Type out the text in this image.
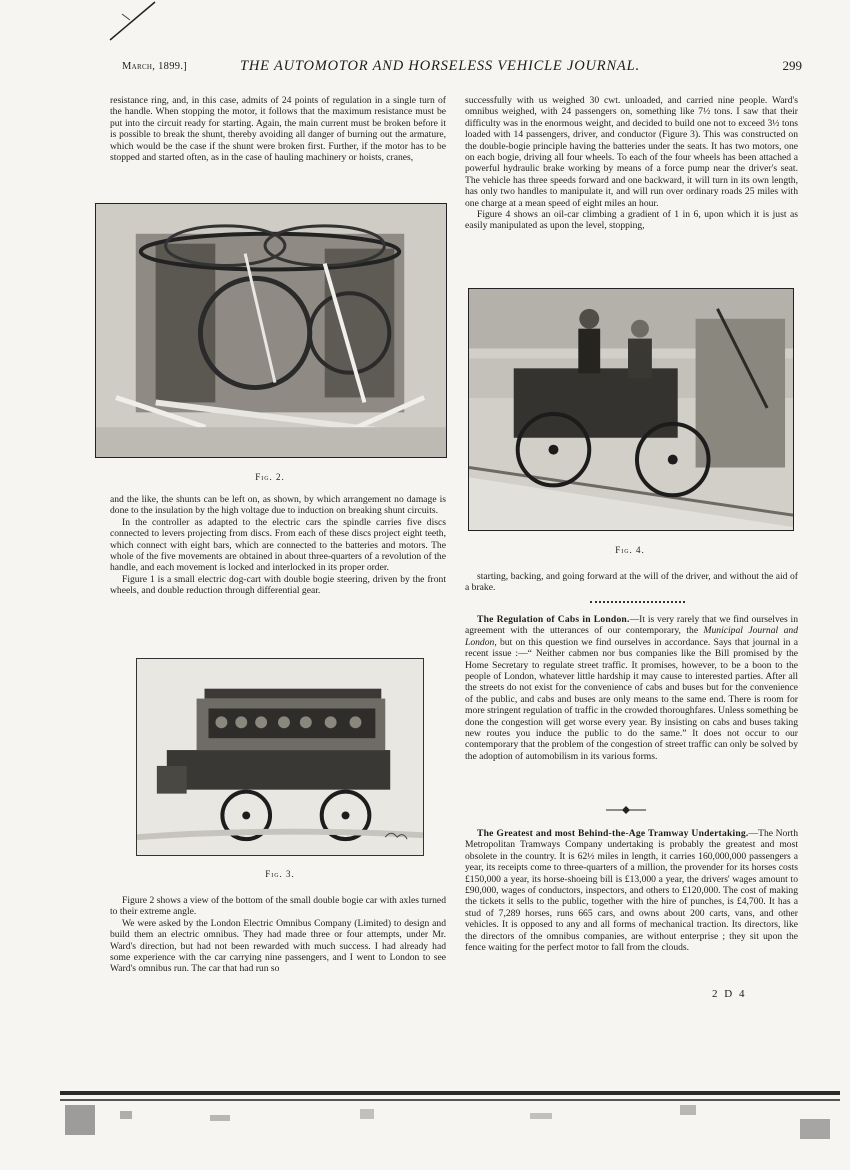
March, 1899.]	THE AUTOMOTOR AND HORSELESS VEHICLE JOURNAL.	299

resistance ring, and, in this case, admits of 24 points of regulation in a single turn of the handle. When stopping the motor, it follows that the maximum resistance must be put into the circuit ready for starting. Again, the main current must be broken before it is possible to break the shunt, thereby avoiding all danger of burning out the armature, which would be the case if the shunt were broken first. Further, if the motor has to be stopped and started often, as in the case of hauling machinery or hoists, cranes,

Fig. 2.

and the like, the shunts can be left on, as shown, by which arrangement no damage is done to the insulation by the high voltage due to induction on breaking shunt circuits.

In the controller as adapted to the electric cars the spindle carries five discs connected to levers projecting from discs. From each of these discs project eight teeth, which connect with eight bars, which are connected to the batteries and motors. The whole of the five movements are obtained in about three-quarters of a revolution of the handle, and each movement is locked and interlocked in its proper order.

Figure 1 is a small electric dog-cart with double bogie steering, driven by the front wheels, and double reduction through differential gear.

Fig. 3.

Figure 2 shows a view of the bottom of the small double bogie car with axles turned to their extreme angle.

We were asked by the London Electric Omnibus Company (Limited) to design and build them an electric omnibus. They had made three or four attempts, under Mr. Ward's direction, but had not been rewarded with much success. I had already had some experience with the car carrying nine passengers, and I went to London to see Ward's omnibus run. The car that had run so

successfully with us weighed 30 cwt. unloaded, and carried nine people. Ward's omnibus weighed, with 24 passengers on, something like 7½ tons. I saw that their difficulty was in the enormous weight, and decided to build one not to exceed 3½ tons loaded with 14 passengers, driver, and conductor (Figure 3). This was constructed on the double-bogie principle having the batteries under the seats. It has two motors, one on each bogie, driving all four wheels. To each of the four wheels has been attached a powerful hydraulic brake working by means of a force pump near the driver's seat. The vehicle has three speeds forward and one backward, it will turn in its own length, has only two handles to manipulate it, and will run over ordinary roads 25 miles with one charge at a mean speed of eight miles an hour.

Figure 4 shows an oil-car climbing a gradient of 1 in 6, upon which it is just as easily manipulated as upon the level, stopping,

Fig. 4.

starting, backing, and going forward at the will of the driver, and without the aid of a brake.

The Regulation of Cabs in London.—It is very rarely that we find ourselves in agreement with the utterances of our contemporary, the Municipal Journal and London, but on this question we find ourselves in accordance. Says that journal in a recent issue :—“ Neither cabmen nor bus companies like the Bill promised by the Home Secretary to regulate street traffic. It promises, however, to be a boon to the people of London, whatever little hardship it may cause to interested parties. After all the streets do not exist for the convenience of cabs and buses but for the convenience of the public, and cabs and buses are only means to the same end. There is room for more stringent regulation of traffic in the crowded thoroughfares. Unless something be done the congestion will get worse every year. By insisting on cabs and buses taking new routes you induce the public to do the same.” It does not occur to our contemporary that the problem of the congestion of street traffic can only be solved by the adoption of automobilism in its various forms.

The Greatest and most Behind-the-Age Tramway Undertaking.—The North Metropolitan Tramways Company undertaking is probably the greatest and most obsolete in the country. It is 62½ miles in length, it carries 160,000,000 passengers a year, its receipts come to three-quarters of a million, the provender for its horses costs £150,000 a year, its horse-shoeing bill is £13,000 a year, the drivers' wages amount to £90,000, wages of conductors, inspectors, and others to £120,000. The cost of making the tickets it sells to the public, together with the hire of punches, is £4,700. It has a stud of 7,289 horses, runs 665 cars, and owns about 200 carts, vans, and other vehicles. It is opposed to any and all forms of mechanical traction. Its directors, like the directors of the omnibus companies, are without enterprise ; they sit upon the fence waiting for the perfect motor to fall from the clouds.

2 D 4
